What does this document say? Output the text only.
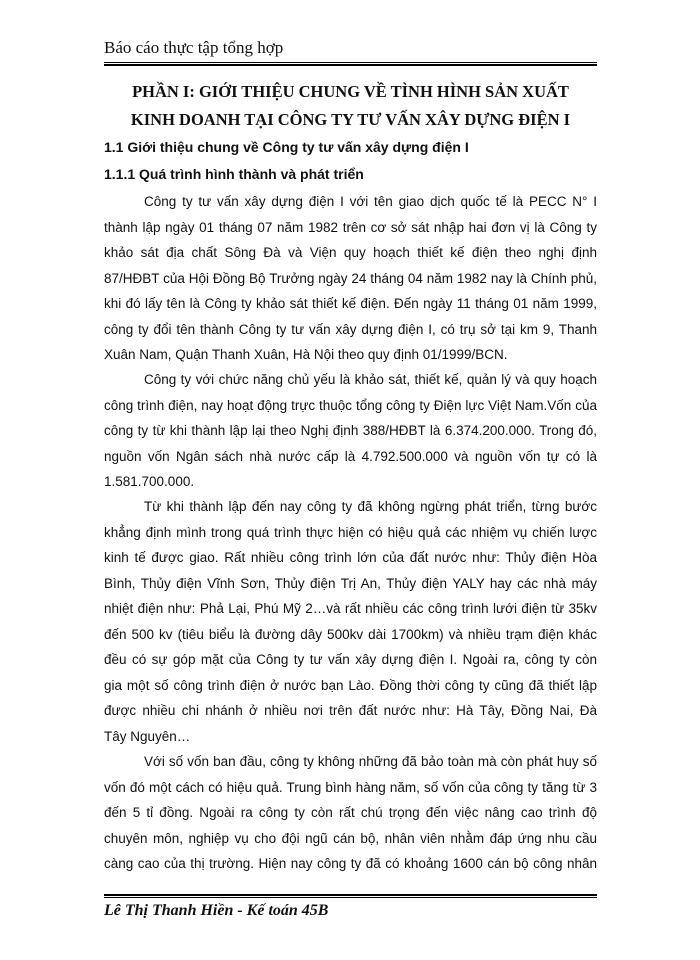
Báo cáo thực tập tổng hợp
PHẦN I: GIỚI THIỆU CHUNG VỀ TÌNH HÌNH SẢN XUẤT
KINH DOANH TẠI CÔNG TY TƯ VẤN XÂY DỰNG ĐIỆN I
1.1 Giới thiệu chung về Công ty tư vấn xây dựng điện I
1.1.1 Quá trình hình thành và phát triển
Công ty tư vấn xây dựng điện I với tên giao dịch quốc tế là PECC N° I
thành lập ngày 01 tháng 07 năm 1982 trên cơ sở sát nhập hai đơn vị là Công ty
khảo sát địa chất Sông Đà và Viện quy hoạch thiết kế điện theo nghị định
87/HĐBT của Hội Đồng Bộ Trưởng ngày 24 tháng 04 năm 1982 nay là Chính phủ,
khi đó lấy tên là Công ty khảo sát thiết kế điện. Đến ngày 11 tháng 01 năm 1999,
công ty đổi tên thành Công ty tư vấn xây dựng điện I, có trụ sở tại km 9, Thanh
Xuân Nam, Quận Thanh Xuân, Hà Nội theo quy định 01/1999/BCN.
Công ty với chức năng chủ yếu là khảo sát, thiết kế, quản lý và quy hoạch
công trình điện, nay hoạt động trực thuộc tổng công ty Điện lực Việt Nam.Vốn của
công ty từ khi thành lập lại theo Nghị định 388/HĐBT là 6.374.200.000. Trong đó,
nguồn vốn Ngân sách nhà nước cấp là 4.792.500.000 và nguồn vốn tự có là
1.581.700.000.
Từ khi thành lập đến nay công ty đã không ngừng phát triển, từng bước
khẳng định mình trong quá trình thực hiện có hiệu quả các nhiệm vụ chiến lược
kinh tế được giao. Rất nhiều công trình lớn của đất nước như: Thủy điện Hòa
Bình, Thủy điện Vĩnh Sơn, Thủy điện Trị An, Thủy điện YALY hay các nhà máy
nhiệt điện như: Phả Lại, Phú Mỹ 2…và rất nhiều các công trình lưới điện từ 35kv
đến 500 kv (tiêu biểu là đường dây 500kv dài 1700km) và nhiều trạm điện khác
đều có sự góp mặt của Công ty tư vấn xây dựng điện I. Ngoài ra, công ty còn
gia một số công trình điện ở nước bạn Lào. Đồng thời công ty cũng đã thiết lập
được nhiều chi nhánh ở nhiều nơi trên đất nước như: Hà Tây, Đồng Nai, Đà
Tây Nguyên…
Với số vốn ban đầu, công ty không những đã bảo toàn mà còn phát huy số
vốn đó một cách có hiệu quả. Trung bình hàng năm, số vốn của công ty tăng từ 3
đến 5 tỉ đồng. Ngoài ra công ty còn rất chú trọng đến việc nâng cao trình độ
chuyên môn, nghiệp vụ cho đội ngũ cán bộ, nhân viên nhằm đáp ứng nhu cầu
càng cao của thị trường. Hiện nay công ty đã có khoảng 1600 cán bộ công nhân
Lê Thị Thanh Hiền - Kế toán 45B
